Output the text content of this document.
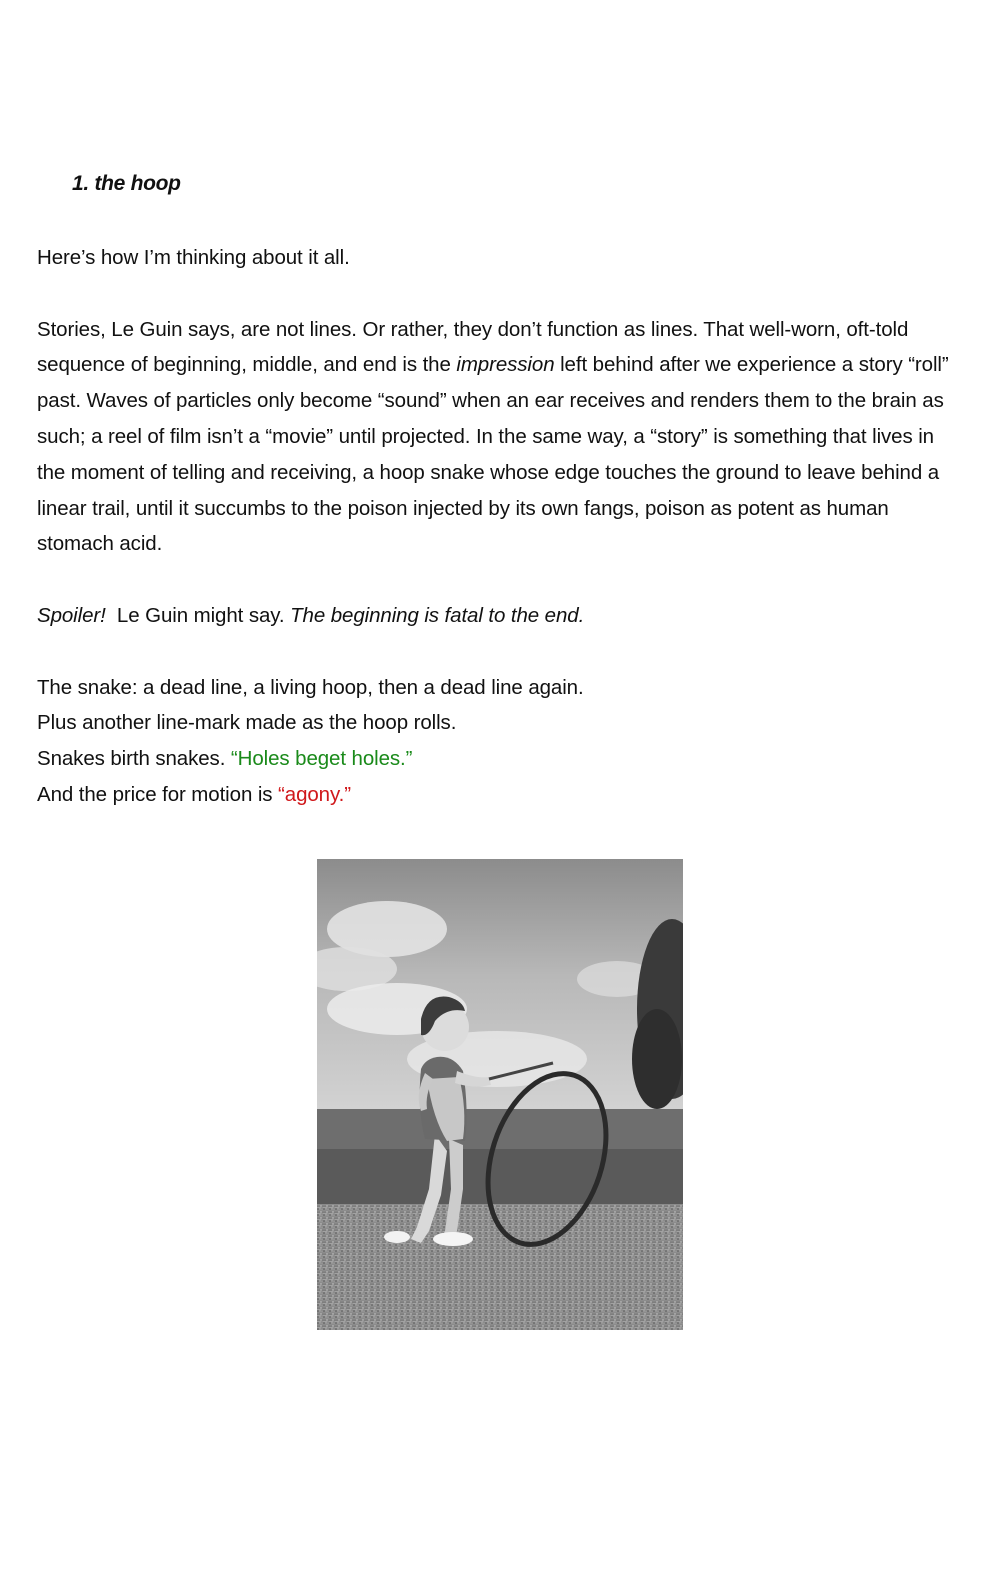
1. the hoop

Here’s how I’m thinking about it all.

Stories, Le Guin says, are not lines. Or rather, they don’t function as lines. That well-worn, oft-told sequence of beginning, middle, and end is the impression left behind after we experience a story “roll” past. Waves of particles only become “sound” when an ear receives and renders them to the brain as such; a reel of film isn’t a “movie” until projected. In the same way, a “story” is something that lives in the moment of telling and receiving, a hoop snake whose edge touches the ground to leave behind a linear trail, until it succumbs to the poison injected by its own fangs, poison as potent as human stomach acid.

Spoiler!  Le Guin might say. The beginning is fatal to the end.

The snake: a dead line, a living hoop, then a dead line again.
Plus another line-mark made as the hoop rolls.
Snakes birth snakes. “Holes beget holes.”
And the price for motion is “agony.”
